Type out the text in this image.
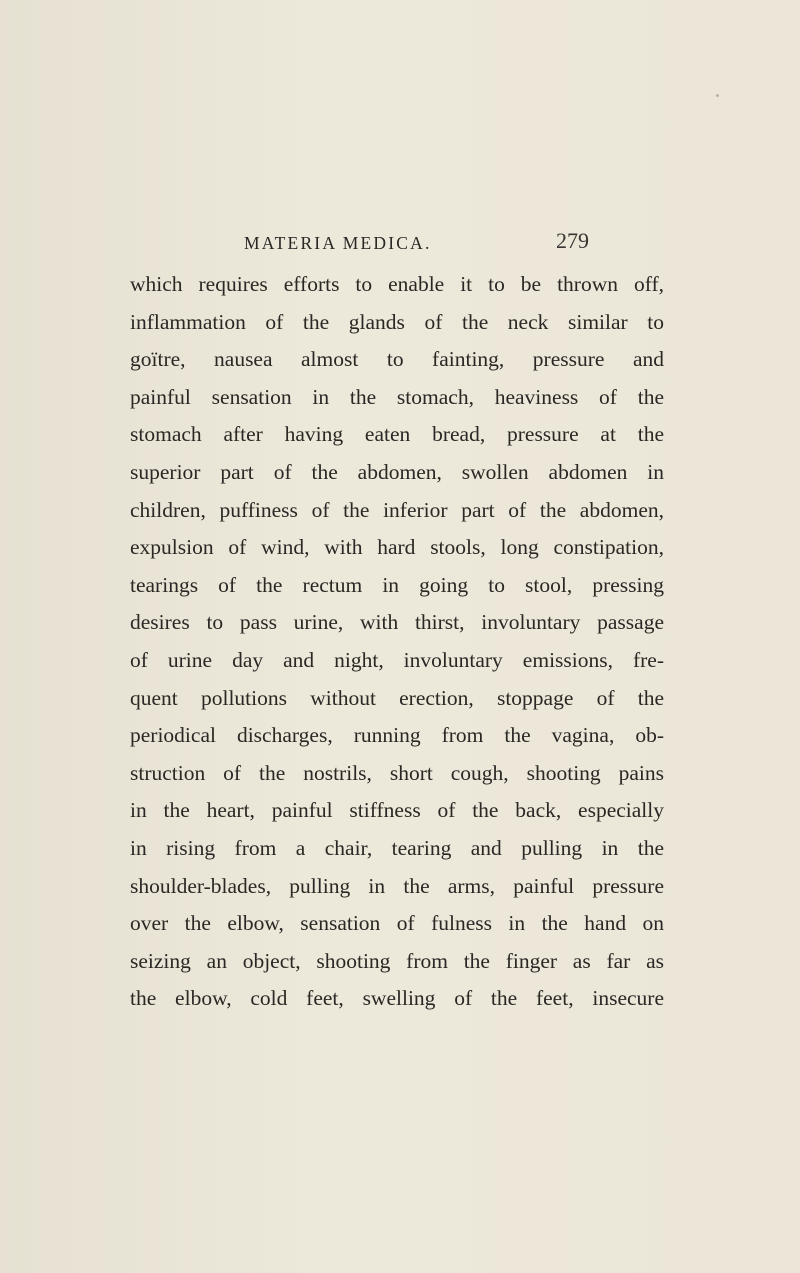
MATERIA MEDICA.	279
which requires efforts to enable it to be thrown off,
inflammation of the glands of the neck similar to
goïtre, nausea almost to fainting, pressure and
painful sensation in the stomach, heaviness of the
stomach after having eaten bread, pressure at the
superior part of the abdomen, swollen abdomen in
children, puffiness of the inferior part of the abdomen,
expulsion of wind, with hard stools, long constipation,
tearings of the rectum in going to stool, pressing
desires to pass urine, with thirst, involuntary passage
of urine day and night, involuntary emissions, fre-
quent pollutions without erection, stoppage of the
periodical discharges, running from the vagina, ob-
struction of the nostrils, short cough, shooting pains
in the heart, painful stiffness of the back, especially
in rising from a chair, tearing and pulling in the
shoulder-blades, pulling in the arms, painful pressure
over the elbow, sensation of fulness in the hand on
seizing an object, shooting from the finger as far as
the elbow, cold feet, swelling of the feet, insecure
